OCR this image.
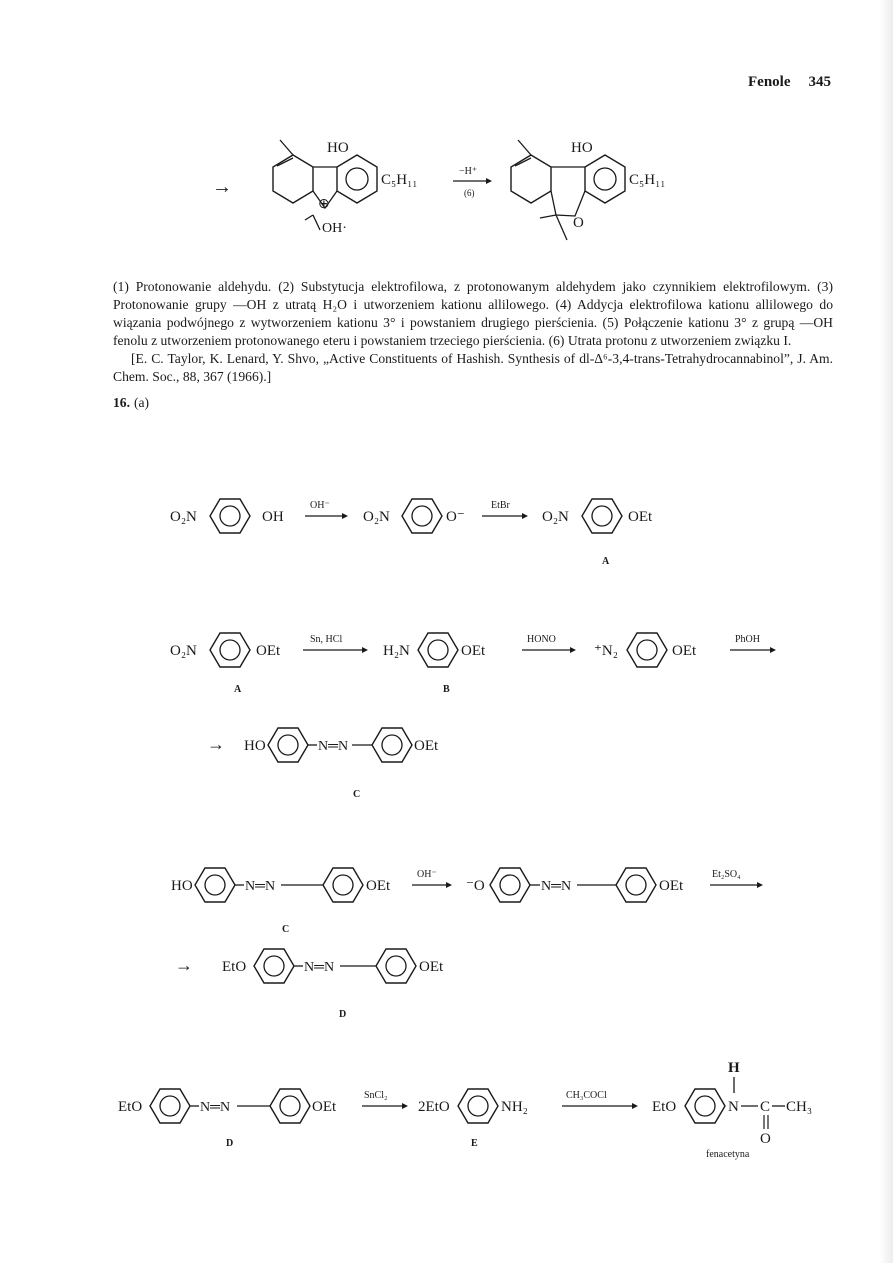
Fenole 345
→
HO
C₅H₁₁
⊕
OH·
−H⁺
(6)
HO
C₅H₁₁
O

(1) Protonowanie aldehydu. (2) Substytucja elektrofilowa, z protonowanym aldehydem jako czynnikiem elektrofilowym. (3) Protonowanie grupy —OH z utratą H₂O i utworzeniem kationu allilowego. (4) Addycja elektrofilowa kationu allilowego do wiązania podwójnego z wytworzeniem kationu 3° i powstaniem drugiego pierścienia. (5) Połączenie kationu 3° z grupą —OH fenolu z utworzeniem protonowanego eteru i powstaniem trzeciego pierścienia. (6) Utrata protonu z utworzeniem związku I.

[E. C. Taylor, K. Lenard, Y. Shvo, „Active Constituents of Hashish. Synthesis of dl-Δ⁶-3,4-trans-Tetrahydrocannabinol”, J. Am. Chem. Soc., 88, 367 (1966).]

16. (a)
O₂N	OH
OH⁻
O₂N	O⁻
EtBr
O₂N	OEt
A
O₂N	OEt
Sn, HCl
H₂N	OEt
HONO
⁺N₂	OEt
PhOH
A	B
→ HO	N═N	OEt
C
HO	N═N	OEt
OH⁻
⁻O	N═N	OEt
Et₂SO₄
C
→ EtO	N═N	OEt
D
EtO	N═N	OEt
SnCl₂
2EtO	NH₂
CH₃COCl
EtO	N
H
C CH₃
O
D	E
fenacetyna
